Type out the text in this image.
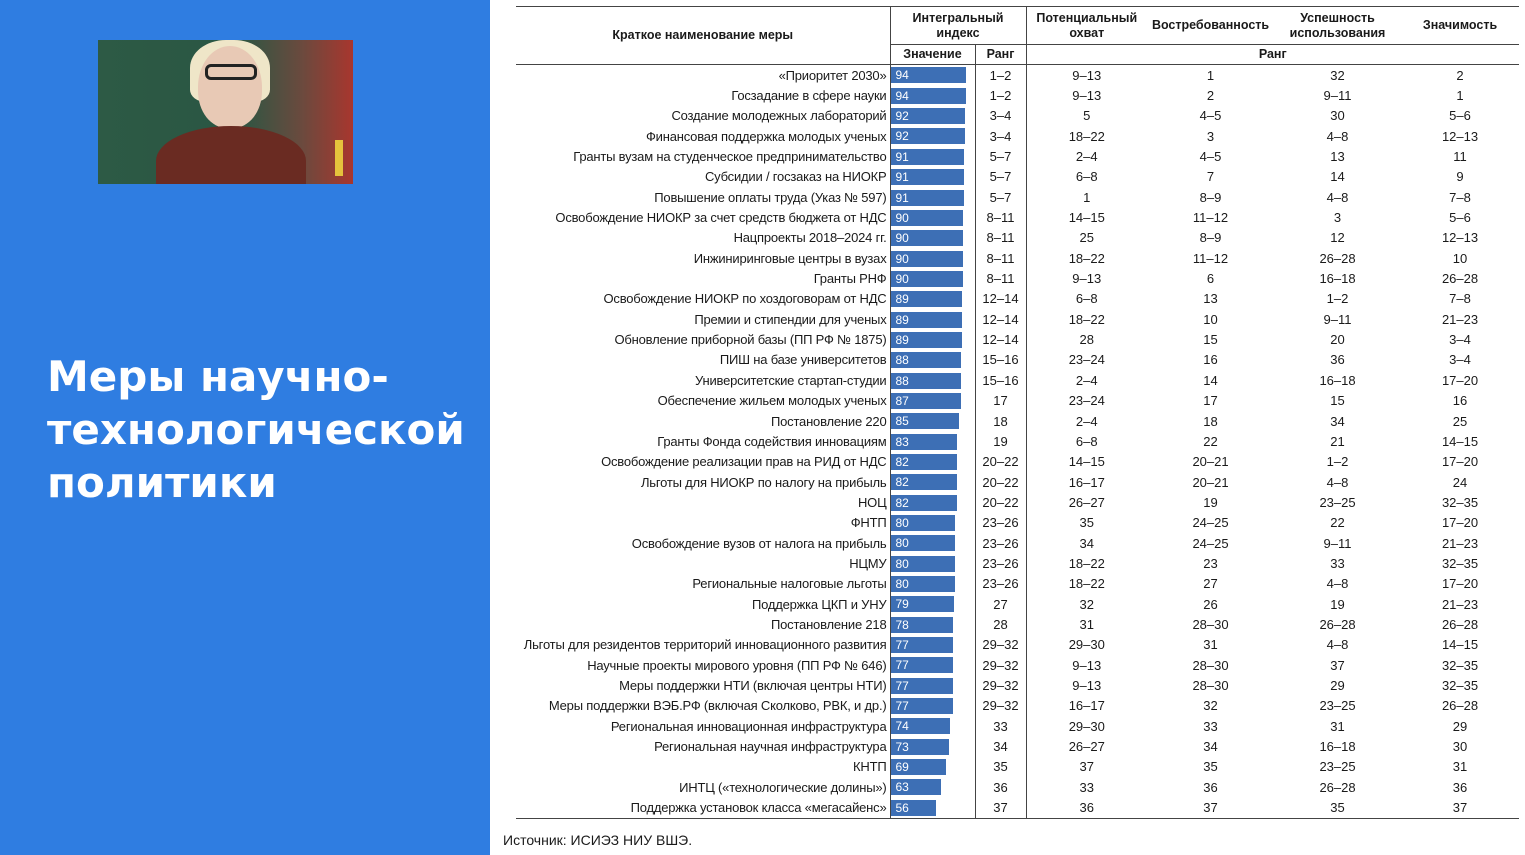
Меры научно-
технологической
политики
Краткое наименование меры	Интегральный индекс		Потенциальный охват	Востребованность	Успешность использования	Значимость
	Значение	Ранг	Ранг			
«Приоритет 2030»	94	1–2	9–13	1	32	2
Госзадание в сфере науки	94	1–2	9–13	2	9–11	1
Создание молодежных лабораторий	92	3–4	5	4–5	30	5–6
Финансовая поддержка молодых ученых	92	3–4	18–22	3	4–8	12–13
Гранты вузам на студенческое предпринимательство	91	5–7	2–4	4–5	13	11
Субсидии / госзаказ на НИОКР	91	5–7	6–8	7	14	9
Повышение оплаты труда (Указ № 597)	91	5–7	1	8–9	4–8	7–8
Освобождение НИОКР за счет средств бюджета от НДС	90	8–11	14–15	11–12	3	5–6
Нацпроекты 2018–2024 гг.	90	8–11	25	8–9	12	12–13
Инжиниринговые центры в вузах	90	8–11	18–22	11–12	26–28	10
Гранты РНФ	90	8–11	9–13	6	16–18	26–28
Освобождение НИОКР по хоздоговорам от НДС	89	12–14	6–8	13	1–2	7–8
Премии и стипендии для ученых	89	12–14	18–22	10	9–11	21–23
Обновление приборной базы (ПП РФ № 1875)	89	12–14	28	15	20	3–4
ПИШ на базе университетов	88	15–16	23–24	16	36	3–4
Университетские стартап-студии	88	15–16	2–4	14	16–18	17–20
Обеспечение жильем молодых ученых	87	17	23–24	17	15	16
Постановление 220	85	18	2–4	18	34	25
Гранты Фонда содействия инновациям	83	19	6–8	22	21	14–15
Освобождение реализации прав на РИД от НДС	82	20–22	14–15	20–21	1–2	17–20
Льготы для НИОКР по налогу на прибыль	82	20–22	16–17	20–21	4–8	24
НОЦ	82	20–22	26–27	19	23–25	32–35
ФНТП	80	23–26	35	24–25	22	17–20
Освобождение вузов от налога на прибыль	80	23–26	34	24–25	9–11	21–23
НЦМУ	80	23–26	18–22	23	33	32–35
Региональные налоговые льготы	80	23–26	18–22	27	4–8	17–20
Поддержка ЦКП и УНУ	79	27	32	26	19	21–23
Постановление 218	78	28	31	28–30	26–28	26–28
Льготы для резидентов территорий инновационного развития	77	29–32	29–30	31	4–8	14–15
Научные проекты мирового уровня (ПП РФ № 646)	77	29–32	9–13	28–30	37	32–35
Меры поддержки НТИ (включая центры НТИ)	77	29–32	9–13	28–30	29	32–35
Меры поддержки ВЭБ.РФ (включая Сколково, РВК, и др.)	77	29–32	16–17	32	23–25	26–28
Региональная инновационная инфраструктура	74	33	29–30	33	31	29
Региональная научная инфраструктура	73	34	26–27	34	16–18	30
КНТП	69	35	37	35	23–25	31
ИНТЦ («технологические долины»)	63	36	33	36	26–28	36
Поддержка установок класса «мегасайенс»	56	37	36	37	35	37
Источник: ИСИЭЗ НИУ ВШЭ.
